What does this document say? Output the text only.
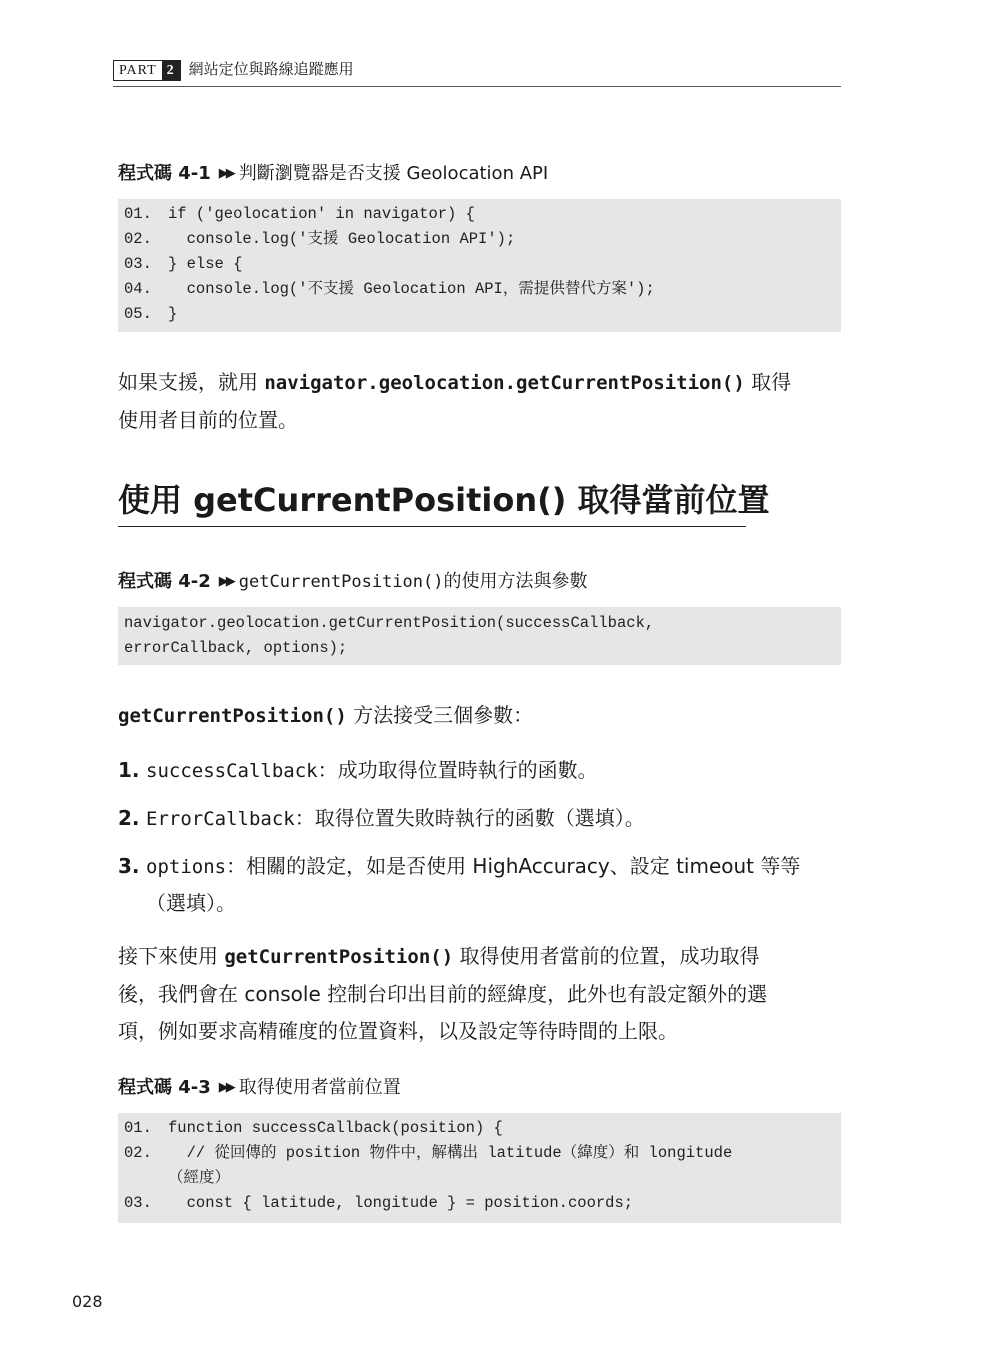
PART 2 網站定位與路線追蹤應用
程式碼 4-1 ▶▶ 判斷瀏覽器是否支援 Geolocation API
01.	if ('geolocation' in navigator) {
02.	console.log('支援 Geolocation API');
03.	} else {
04.	console.log('不支援 Geolocation API，需提供替代方案');
05.	}
如果支援，就用 navigator.geolocation.getCurrentPosition() 取得
使用者目前的位置。
使用 getCurrentPosition() 取得當前位置
程式碼 4-2 ▶▶ getCurrentPosition() 的使用方法與參數
navigator.geolocation.getCurrentPosition(successCallback,
errorCallback, options);
getCurrentPosition() 方法接受三個參數：
1. successCallback：成功取得位置時執行的函數。
2. ErrorCallback：取得位置失敗時執行的函數（選填）。
3. options：相關的設定，如是否使用 HighAccuracy、設定 timeout 等等
（選填）。
接下來使用 getCurrentPosition() 取得使用者當前的位置，成功取得
後，我們會在 console 控制台印出目前的經緯度，此外也有設定額外的選
項，例如要求高精確度的位置資料，以及設定等待時間的上限。
程式碼 4-3 ▶▶ 取得使用者當前位置
01.	function successCallback(position) {
02.	// 從回傳的 position 物件中，解構出 latitude（緯度）和 longitude
（經度）
03.	const { latitude, longitude } = position.coords;
028
